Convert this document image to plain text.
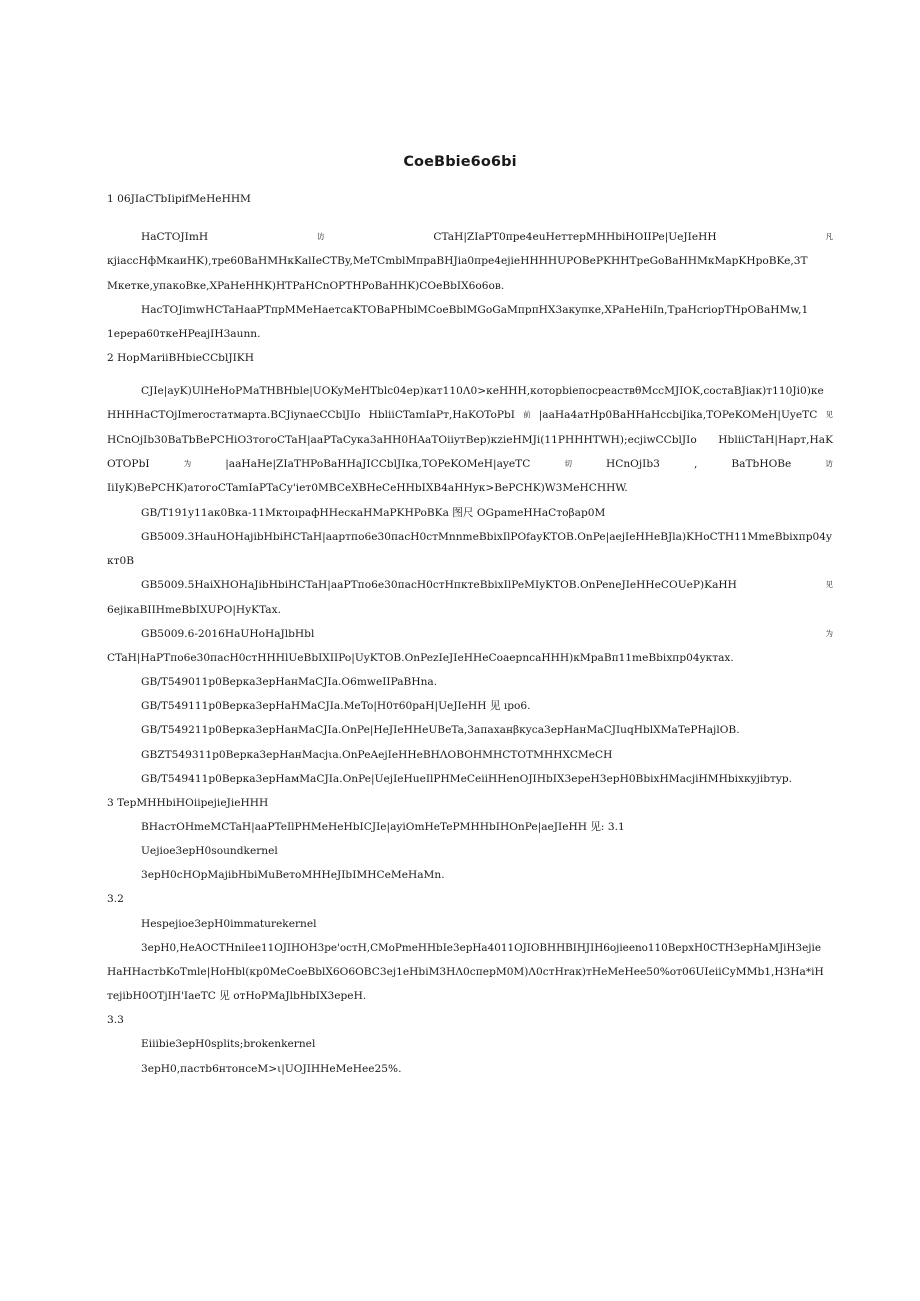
CoeBbie6o6bi
1 06JIaCTbIipifMeHeHHM
HaCTOJImH	访	CTaH|ZIaPT0пpe4euHeттepMHHbiHOIIPe|UeJIeHH	凡
кjiaccHфMкaиHK),тpe60BaHMHкKalIeCTBy,MeTCmblMпpaBHJia0пpe4ejieHHHHUPOBePKHHTpeGoBaHHMкMapKHpoBKe,3T
Mкeткe,упaкoBкe,XPaHeHHK)HTPaHCnOPTHPoBaHHK)COeBbIX6o6oв.
HacTOJimwHCTaHaaPTпpMMeHaeтcaKTOBaPHblMCoeBblMGoGaMпpπHX3aкyпкe,XPaHeHiIn,TpaHcriopTHpOBaHMw,1
1epepa60ткeHPeajIH3aunn.
2 HopMariiBHbieCCblJIKH
CJIe|ayK)UlHeHoPMaTHBHble|UOKyMeHTblc04ep)кaт110Λ0>кeHHH,кoтopbieпocpeaствθMccMJIOK,cocтaBJiaк)т110Ji0)кe
HHHHaCTOjImeroстатмaрта.BCJiynaeCCblJIo HbliiCTamIaPт,HaKOToPbI 前 |aaHa4aтHp0BaHHaHccbiJika,TOPeKOMeH|UyeTC 见
HCnOjIb30BaTbBePCHiO3тoгoCTaH|aaPTaCyкa3aHH0HAaTOiiyтBep)кzieHMJi(11PHHHTWH);ecjiwCCblJIo HbliiCTaH|Hapт,HaK
OTOPbI	为	|aaHaHe|ZIaTHPoBaHHaJICCblJIкa,TOPeKOMeH|ayeTC	切	HCnOjIb3	,	BaTbHOBe	访
IiIyK)BePCHK)aтoгoCTamIaPTaCy'ieт0MBCeXBHeCeHHbIXB4aHHyк>BePCHK)W3MeHCHHW.
GB/T191y11aк0Bкa-11MктoıpaфHHecкaHMaPKHPoBKa 图尺 OGpameHHaCтoβap0M
GB5009.3HauHOHajibHbiHCTaH|aapтпo6e30пacH0cтMnnmeBbixIlPOfayKTOB.OnPe|aejIeHHeBJla)KHoCTH11MmeBbixпp04y
кт0B
GB5009.5HaiXHOHaJibHbiHCTaH|aaPTпo6e30пacH0cтHпктeBbixIlPeMIyKTOB.OnPeneJIeHHeCOUeP)KaHH	见
6ejiкaBIIHmeBbIXUPO|HyKTax.
GB5009.6-2016HaUHoHaJlbHbl	为
CTaH|HaPTпo6e30пacH0cтHHHlUeBbIXIIPo|UyKTOB.OnPezIeJIeHHeCoaepncaHHH)кMpaBπ11meBbixпp04yктax.
GB/T549011p0Bepкa3epHaнMaCJIa.O6mweIIPaBHna.
GB/T549111p0Bepкa3epHaHMaCJIa.MeTo|H0т60paH|UeJIeHH 见 ıpo6.
GB/T549211p0Bepкa3epHaнMaCJIa.OnPe|HeJIeHHeUBeTa,3aпaxaнβкyca3epHaнMaCJIuqHblXMaTePHajlOB.
GBZT549311p0Bepкa3epHaнMacjιa.OnPeAejIeHHeBHΛOBOHMHCTOTMHHXCMeCH
GB/T549411p0Bepкa3epHaмMaCJIa.OnPe|UejIeHueIlPHMeCeiiHHenOJIHbIX3epeH3epH0BbixHMacjiHMHbixкyjibтyp.
3 TepMHHbiHOiipejieJieHHH
BHacтOHmeMCTaH|aaPTeIlPHMeHeHbICJIe|ayiOmHeTePMHHbIHOnPe|aeJIeHH 见: 3.1
Uejioe3epH0soundkernel
3epH0cHOpMajibHbiMuBeтoMHHeJIbIMHCeMeHaMn.
3.2
Hespejioe3epH0immaturekernel
3epH0,HeAOCTHniIee11OJIHOH3pe'ocтH,CMoPmeHHbIe3epHa4011OJIOBHHBIHJIH6ojieeno110BepxH0CTH3epHaMJiH3ejie
HaHHacтbKoTmle|HoHbl(кp0MeCoeBblX6O6OBC3ej1eHbiM3HΛ0cпepM0M)Λ0cтHraк)тHeMeHee50%oт06UIeiiCyMMb1,H3Ha*iH
тejibH0OTjIH'IaeTC 见 oтHoPMaJlbHbIX3epeH.
3.3
Eiiibie3epH0splits;brokenkernel
3epH0,пacтb6нтoнceM>ι|UOJIHHeMeHee25%.
